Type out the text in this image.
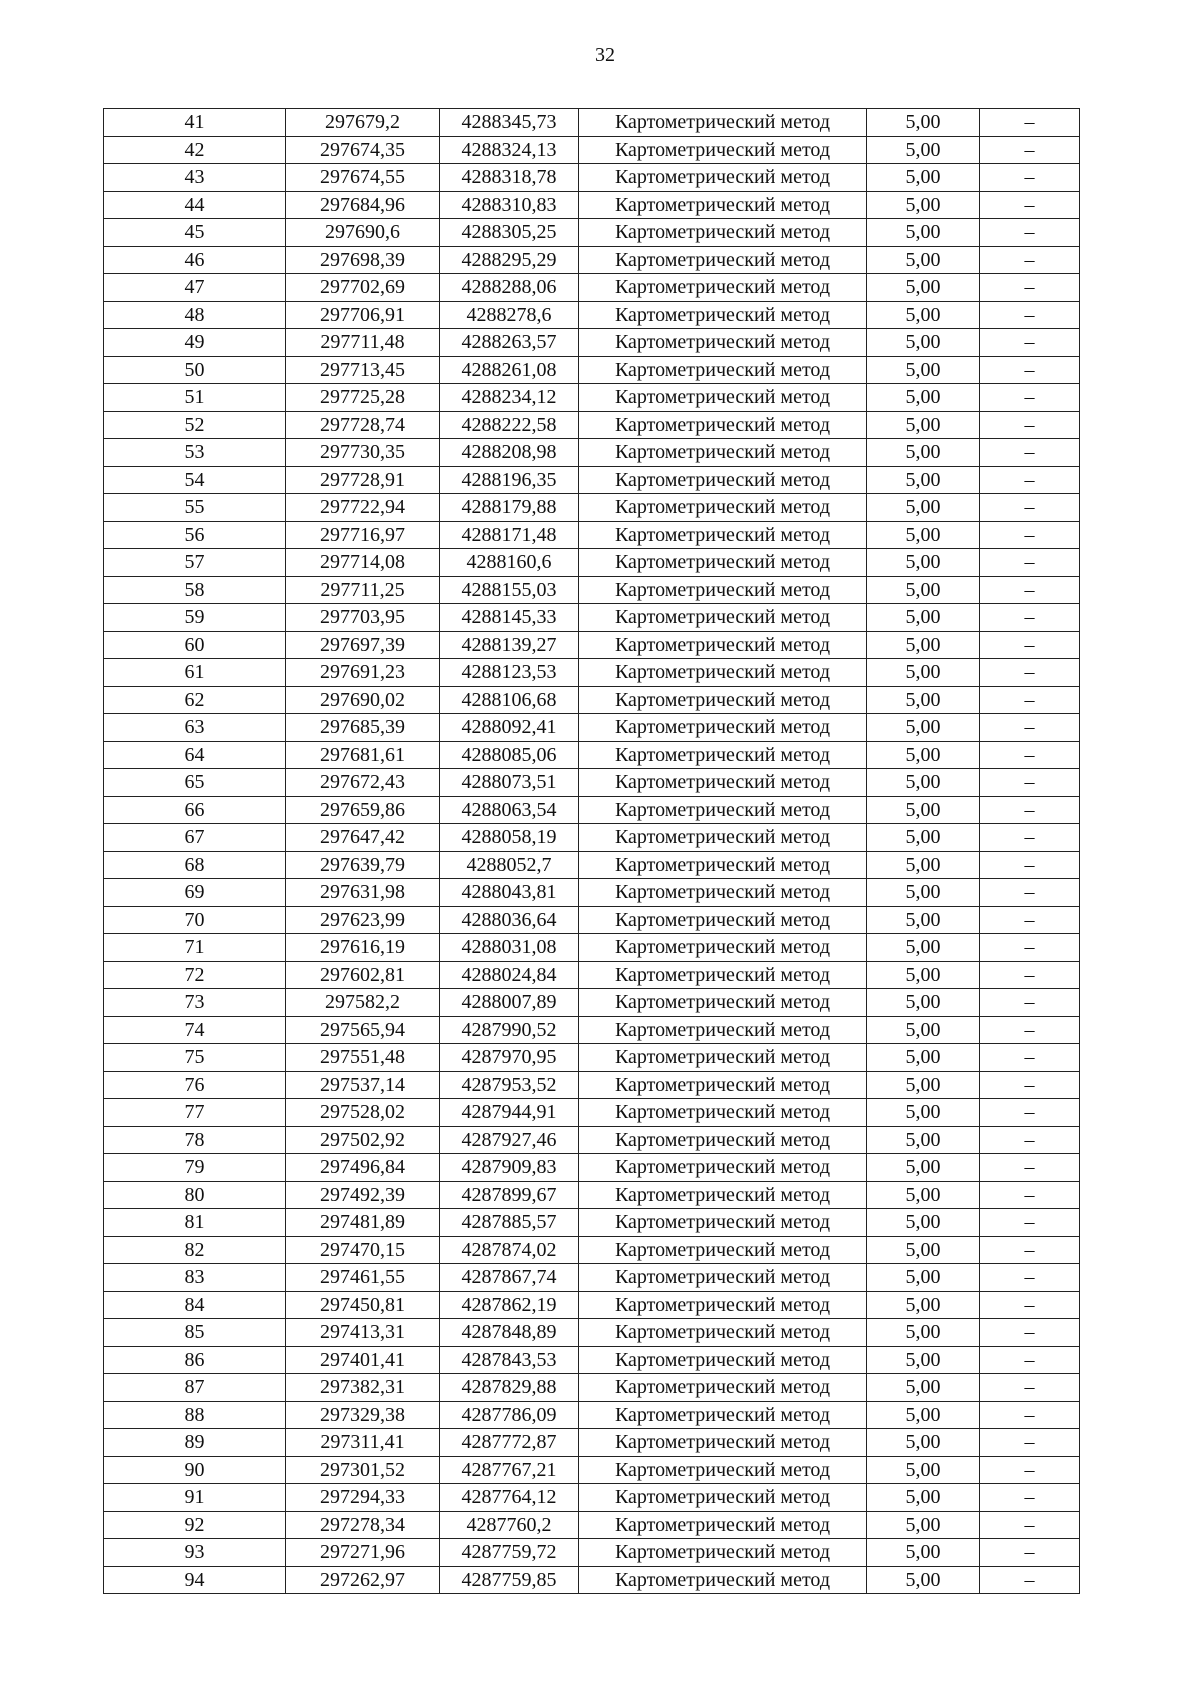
32
41	297679,2	4288345,73	Картометрический метод	5,00	–
42	297674,35	4288324,13	Картометрический метод	5,00	–
43	297674,55	4288318,78	Картометрический метод	5,00	–
44	297684,96	4288310,83	Картометрический метод	5,00	–
45	297690,6	4288305,25	Картометрический метод	5,00	–
46	297698,39	4288295,29	Картометрический метод	5,00	–
47	297702,69	4288288,06	Картометрический метод	5,00	–
48	297706,91	4288278,6	Картометрический метод	5,00	–
49	297711,48	4288263,57	Картометрический метод	5,00	–
50	297713,45	4288261,08	Картометрический метод	5,00	–
51	297725,28	4288234,12	Картометрический метод	5,00	–
52	297728,74	4288222,58	Картометрический метод	5,00	–
53	297730,35	4288208,98	Картометрический метод	5,00	–
54	297728,91	4288196,35	Картометрический метод	5,00	–
55	297722,94	4288179,88	Картометрический метод	5,00	–
56	297716,97	4288171,48	Картометрический метод	5,00	–
57	297714,08	4288160,6	Картометрический метод	5,00	–
58	297711,25	4288155,03	Картометрический метод	5,00	–
59	297703,95	4288145,33	Картометрический метод	5,00	–
60	297697,39	4288139,27	Картометрический метод	5,00	–
61	297691,23	4288123,53	Картометрический метод	5,00	–
62	297690,02	4288106,68	Картометрический метод	5,00	–
63	297685,39	4288092,41	Картометрический метод	5,00	–
64	297681,61	4288085,06	Картометрический метод	5,00	–
65	297672,43	4288073,51	Картометрический метод	5,00	–
66	297659,86	4288063,54	Картометрический метод	5,00	–
67	297647,42	4288058,19	Картометрический метод	5,00	–
68	297639,79	4288052,7	Картометрический метод	5,00	–
69	297631,98	4288043,81	Картометрический метод	5,00	–
70	297623,99	4288036,64	Картометрический метод	5,00	–
71	297616,19	4288031,08	Картометрический метод	5,00	–
72	297602,81	4288024,84	Картометрический метод	5,00	–
73	297582,2	4288007,89	Картометрический метод	5,00	–
74	297565,94	4287990,52	Картометрический метод	5,00	–
75	297551,48	4287970,95	Картометрический метод	5,00	–
76	297537,14	4287953,52	Картометрический метод	5,00	–
77	297528,02	4287944,91	Картометрический метод	5,00	–
78	297502,92	4287927,46	Картометрический метод	5,00	–
79	297496,84	4287909,83	Картометрический метод	5,00	–
80	297492,39	4287899,67	Картометрический метод	5,00	–
81	297481,89	4287885,57	Картометрический метод	5,00	–
82	297470,15	4287874,02	Картометрический метод	5,00	–
83	297461,55	4287867,74	Картометрический метод	5,00	–
84	297450,81	4287862,19	Картометрический метод	5,00	–
85	297413,31	4287848,89	Картометрический метод	5,00	–
86	297401,41	4287843,53	Картометрический метод	5,00	–
87	297382,31	4287829,88	Картометрический метод	5,00	–
88	297329,38	4287786,09	Картометрический метод	5,00	–
89	297311,41	4287772,87	Картометрический метод	5,00	–
90	297301,52	4287767,21	Картометрический метод	5,00	–
91	297294,33	4287764,12	Картометрический метод	5,00	–
92	297278,34	4287760,2	Картометрический метод	5,00	–
93	297271,96	4287759,72	Картометрический метод	5,00	–
94	297262,97	4287759,85	Картометрический метод	5,00	–
